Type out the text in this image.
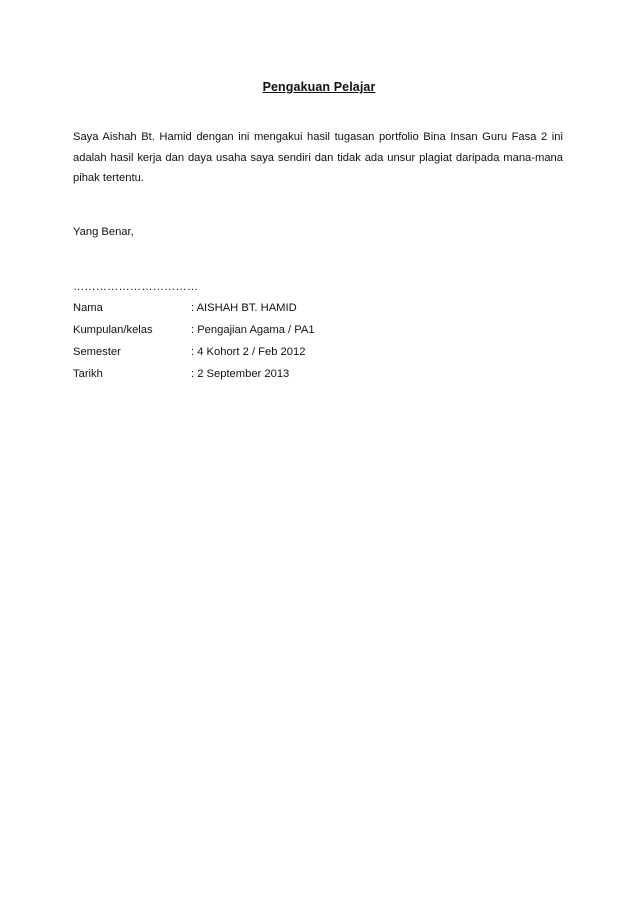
Pengakuan Pelajar
Saya Aishah Bt. Hamid dengan ini mengakui hasil tugasan portfolio Bina Insan Guru Fasa 2 ini adalah hasil kerja dan daya usaha saya sendiri dan tidak ada unsur plagiat daripada mana-mana pihak tertentu.
Yang Benar,
……………………………
Nama	: AISHAH BT. HAMID
Kumpulan/kelas	: Pengajian Agama / PA1
Semester	: 4 Kohort 2 / Feb 2012
Tarikh	: 2 September 2013
